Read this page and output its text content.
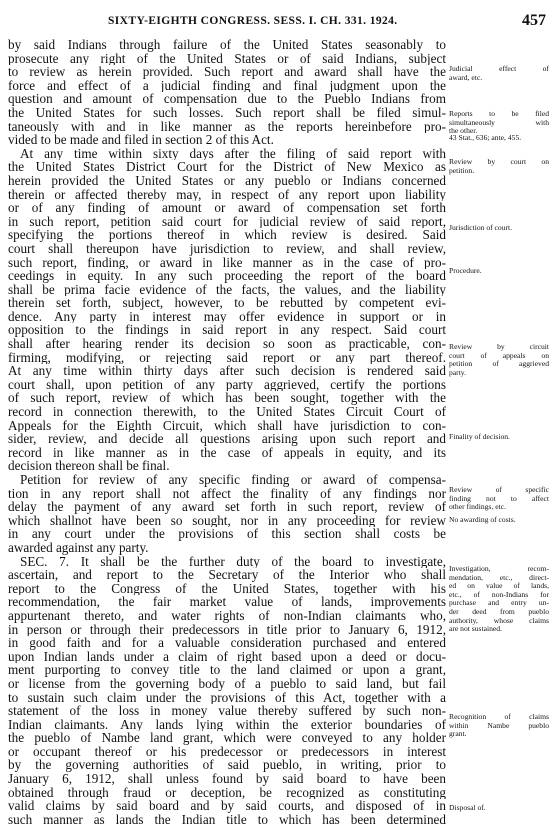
SIXTY-EIGHTH CONGRESS. SESS. I. CH. 331. 1924.	457

by said Indians through failure of the United States seasonably to

prosecute any right of the United States or of said Indians, subject

to review as herein provided. Such report and award shall have the

force and effect of a judicial finding and final judgment upon the

question and amount of compensation due to the Pueblo Indians from

the United States for such losses. Such report shall be filed simul-

taneously with and in like manner as the reports hereinbefore pro-

vided to be made and filed in section 2 of this Act.

At any time within sixty days after the filing of said report with

the United States District Court for the District of New Mexico as

herein provided the United States or any pueblo or Indians concerned

therein or affected thereby may, in respect of any report upon liability

or of any finding of amount or award of compensation set forth

in such report, petition said court for judicial review of said report,

specifying the portions thereof in which review is desired. Said

court shall thereupon have jurisdiction to review, and shall review,

such report, finding, or award in like manner as in the case of pro-

ceedings in equity. In any such proceeding the report of the board

shall be prima facie evidence of the facts, the values, and the liability

therein set forth, subject, however, to be rebutted by competent evi-

dence. Any party in interest may offer evidence in support or in

opposition to the findings in said report in any respect. Said court

shall after hearing render its decision so soon as practicable, con-

firming, modifying, or rejecting said report or any part thereof.

At any time within thirty days after such decision is rendered said

court shall, upon petition of any party aggrieved, certify the portions

of such report, review of which has been sought, together with the

record in connection therewith, to the United States Circuit Court of

Appeals for the Eighth Circuit, which shall have jurisdiction to con-

sider, review, and decide all questions arising upon such report and

record in like manner as in the case of appeals in equity, and its

decision thereon shall be final.

Petition for review of any specific finding or award of compensa-

tion in any report shall not affect the finality of any findings nor

delay the payment of any award set forth in such report, review of

which shallnot have been so sought, nor in any proceeding for review

in any court under the provisions of this section shall costs be

awarded against any party.

SEC. 7. It shall be the further duty of the board to investigate,

ascertain, and report to the Secretary of the Interior who shall

report to the Congress of the United States, together with his

recommendation, the fair market value of lands, improvements

appurtenant thereto, and water rights of non-Indian claimants who,

in person or through their predecessors in title prior to January 6, 1912,

in good faith and for a valuable consideration purchased and entered

upon Indian lands under a claim of right based upon a deed or docu-

ment purporting to convey title to the land claimed or upon a grant,

or license from the governing body of a pueblo to said land, but fail

to sustain such claim under the provisions of this Act, together with a

statement of the loss in money value thereby suffered by such non-

Indian claimants. Any lands lying within the exterior boundaries of

the pueblo of Nambe land grant, which were conveyed to any holder

or occupant thereof or his predecessor or predecessors in interest

by the governing authorities of said pueblo, in writing, prior to

January 6, 1912, shall unless found by said board to have been

obtained through fraud or deception, be recognized as constituting

valid claims by said board and by said courts, and disposed of in

such manner as lands the Indian title to which has been determined

Judicial effect of
award, etc.
Reports to be filed
simultaneously with
the other.
43 Stat., 636; ante, 455.
Review by court on
petition.
Jurisdiction of court.
Procedure.
Review by circuit
court of appeals on
petition of aggrieved
party.
Finality of decision.
Review of specific
finding not to affect
other findings, etc.
No awarding of costs.
Investigation, recom-
mendation, etc., direct-
ed on value of lands,
etc., of non-Indians for
purchase and entry un-
der deed from pueblo
authority, whose claims
are not sustained.
Recognition of claims
within Nambe pueblo
grant.
Disposal of.
